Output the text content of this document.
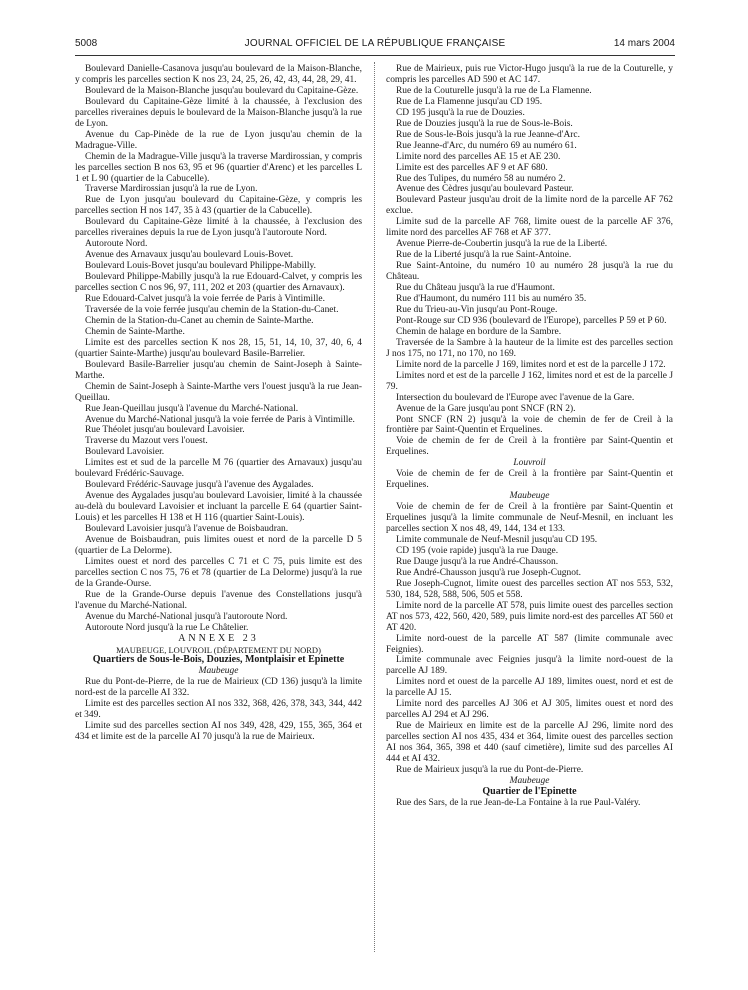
5008	JOURNAL OFFICIEL DE LA RÉPUBLIQUE FRANÇAISE	14 mars 2004

Boulevard Danielle-Casanova jusqu'au boulevard de la Maison-Blanche, y compris les parcelles section K nos 23, 24, 25, 26, 42, 43, 44, 28, 29, 41.

Boulevard de la Maison-Blanche jusqu'au boulevard du Capitaine-Gèze.

Boulevard du Capitaine-Gèze limité à la chaussée, à l'exclusion des parcelles riveraines depuis le boulevard de la Maison-Blanche jusqu'à la rue de Lyon.

Avenue du Cap-Pinède de la rue de Lyon jusqu'au chemin de la Madrague-Ville.

Chemin de la Madrague-Ville jusqu'à la traverse Mardirossian, y compris les parcelles section B nos 63, 95 et 96 (quartier d'Arenc) et les parcelles L 1 et L 90 (quartier de la Cabucelle).

Traverse Mardirossian jusqu'à la rue de Lyon.

Rue de Lyon jusqu'au boulevard du Capitaine-Gèze, y compris les parcelles section H nos 147, 35 à 43 (quartier de la Cabucelle).

Boulevard du Capitaine-Gèze limité à la chaussée, à l'exclusion des parcelles riveraines depuis la rue de Lyon jusqu'à l'autoroute Nord.

Autoroute Nord.

Avenue des Arnavaux jusqu'au boulevard Louis-Bovet.

Boulevard Louis-Bovet jusqu'au boulevard Philippe-Mabilly.

Boulevard Philippe-Mabilly jusqu'à la rue Edouard-Calvet, y compris les parcelles section C nos 96, 97, 111, 202 et 203 (quartier des Arnavaux).

Rue Edouard-Calvet jusqu'à la voie ferrée de Paris à Vintimille.

Traversée de la voie ferrée jusqu'au chemin de la Station-du-Canet.

Chemin de la Station-du-Canet au chemin de Sainte-Marthe.

Chemin de Sainte-Marthe.

Limite est des parcelles section K nos 28, 15, 51, 14, 10, 37, 40, 6, 4 (quartier Sainte-Marthe) jusqu'au boulevard Basile-Barrelier.

Boulevard Basile-Barrelier jusqu'au chemin de Saint-Joseph à Sainte-Marthe.

Chemin de Saint-Joseph à Sainte-Marthe vers l'ouest jusqu'à la rue Jean-Queillau.

Rue Jean-Queillau jusqu'à l'avenue du Marché-National.

Avenue du Marché-National jusqu'à la voie ferrée de Paris à Vintimille.

Rue Théolet jusqu'au boulevard Lavoisier.

Traverse du Mazout vers l'ouest.

Boulevard Lavoisier.

Limites est et sud de la parcelle M 76 (quartier des Arnavaux) jusqu'au boulevard Frédéric-Sauvage.

Boulevard Frédéric-Sauvage jusqu'à l'avenue des Aygalades.

Avenue des Aygalades jusqu'au boulevard Lavoisier, limité à la chaussée au-delà du boulevard Lavoisier et incluant la parcelle E 64 (quartier Saint-Louis) et les parcelles H 138 et H 116 (quartier Saint-Louis).

Boulevard Lavoisier jusqu'à l'avenue de Boisbaudran.

Avenue de Boisbaudran, puis limites ouest et nord de la parcelle D 5 (quartier de La Delorme).

Limites ouest et nord des parcelles C 71 et C 75, puis limite est des parcelles section C nos 75, 76 et 78 (quartier de La Delorme) jusqu'à la rue de la Grande-Ourse.

Rue de la Grande-Ourse depuis l'avenue des Constellations jusqu'à l'avenue du Marché-National.

Avenue du Marché-National jusqu'à l'autoroute Nord.

Autoroute Nord jusqu'à la rue Le Châtelier.

ANNEXE 23

MAUBEUGE, LOUVROIL (DÉPARTEMENT DU NORD)

Quartiers de Sous-le-Bois, Douzies, Montplaisir et Epinette

Maubeuge

Rue du Pont-de-Pierre, de la rue de Mairieux (CD 136) jusqu'à la limite nord-est de la parcelle AI 332.

Limite est des parcelles section AI nos 332, 368, 426, 378, 343, 344, 442 et 349.

Limite sud des parcelles section AI nos 349, 428, 429, 155, 365, 364 et 434 et limite est de la parcelle AI 70 jusqu'à la rue de Mairieux.

Rue de Mairieux, puis rue Victor-Hugo jusqu'à la rue de la Couturelle, y compris les parcelles AD 590 et AC 147.

Rue de la Couturelle jusqu'à la rue de La Flamenne.

Rue de La Flamenne jusqu'au CD 195.

CD 195 jusqu'à la rue de Douzies.

Rue de Douzies jusqu'à la rue de Sous-le-Bois.

Rue de Sous-le-Bois jusqu'à la rue Jeanne-d'Arc.

Rue Jeanne-d'Arc, du numéro 69 au numéro 61.

Limite nord des parcelles AE 15 et AE 230.

Limite est des parcelles AF 9 et AF 680.

Rue des Tulipes, du numéro 58 au numéro 2.

Avenue des Cèdres jusqu'au boulevard Pasteur.

Boulevard Pasteur jusqu'au droit de la limite nord de la parcelle AF 762 exclue.

Limite sud de la parcelle AF 768, limite ouest de la parcelle AF 376, limite nord des parcelles AF 768 et AF 377.

Avenue Pierre-de-Coubertin jusqu'à la rue de la Liberté.

Rue de la Liberté jusqu'à la rue Saint-Antoine.

Rue Saint-Antoine, du numéro 10 au numéro 28 jusqu'à la rue du Château.

Rue du Château jusqu'à la rue d'Haumont.

Rue d'Haumont, du numéro 111 bis au numéro 35.

Rue du Trieu-au-Vin jusqu'au Pont-Rouge.

Pont-Rouge sur CD 936 (boulevard de l'Europe), parcelles P 59 et P 60.

Chemin de halage en bordure de la Sambre.

Traversée de la Sambre à la hauteur de la limite est des parcelles section J nos 175, no 171, no 170, no 169.

Limite nord de la parcelle J 169, limites nord et est de la parcelle J 172.

Limites nord et est de la parcelle J 162, limites nord et est de la parcelle J 79.

Intersection du boulevard de l'Europe avec l'avenue de la Gare.

Avenue de la Gare jusqu'au pont SNCF (RN 2).

Pont SNCF (RN 2) jusqu'à la voie de chemin de fer de Creil à la frontière par Saint-Quentin et Erquelines.

Voie de chemin de fer de Creil à la frontière par Saint-Quentin et Erquelines.

Louvroil

Voie de chemin de fer de Creil à la frontière par Saint-Quentin et Erquelines.

Maubeuge

Voie de chemin de fer de Creil à la frontière par Saint-Quentin et Erquelines jusqu'à la limite communale de Neuf-Mesnil, en incluant les parcelles section X nos 48, 49, 144, 134 et 133.

Limite communale de Neuf-Mesnil jusqu'au CD 195.

CD 195 (voie rapide) jusqu'à la rue Dauge.

Rue Dauge jusqu'à la rue André-Chausson.

Rue André-Chausson jusqu'à rue Joseph-Cugnot.

Rue Joseph-Cugnot, limite ouest des parcelles section AT nos 553, 532, 530, 184, 528, 588, 506, 505 et 558.

Limite nord de la parcelle AT 578, puis limite ouest des parcelles section AT nos 573, 422, 560, 420, 589, puis limite nord-est des parcelles AT 560 et AT 420.

Limite nord-ouest de la parcelle AT 587 (limite communale avec Feignies).

Limite communale avec Feignies jusqu'à la limite nord-ouest de la parcelle AJ 189.

Limites nord et ouest de la parcelle AJ 189, limites ouest, nord et est de la parcelle AJ 15.

Limite nord des parcelles AJ 306 et AJ 305, limites ouest et nord des parcelles AJ 294 et AJ 296.

Rue de Mairieux en limite est de la parcelle AJ 296, limite nord des parcelles section AI nos 435, 434 et 364, limite ouest des parcelles section AI nos 364, 365, 398 et 440 (sauf cimetière), limite sud des parcelles AI 444 et AI 432.

Rue de Mairieux jusqu'à la rue du Pont-de-Pierre.

Maubeuge

Quartier de l'Epinette

Rue des Sars, de la rue Jean-de-La Fontaine à la rue Paul-Valéry.
